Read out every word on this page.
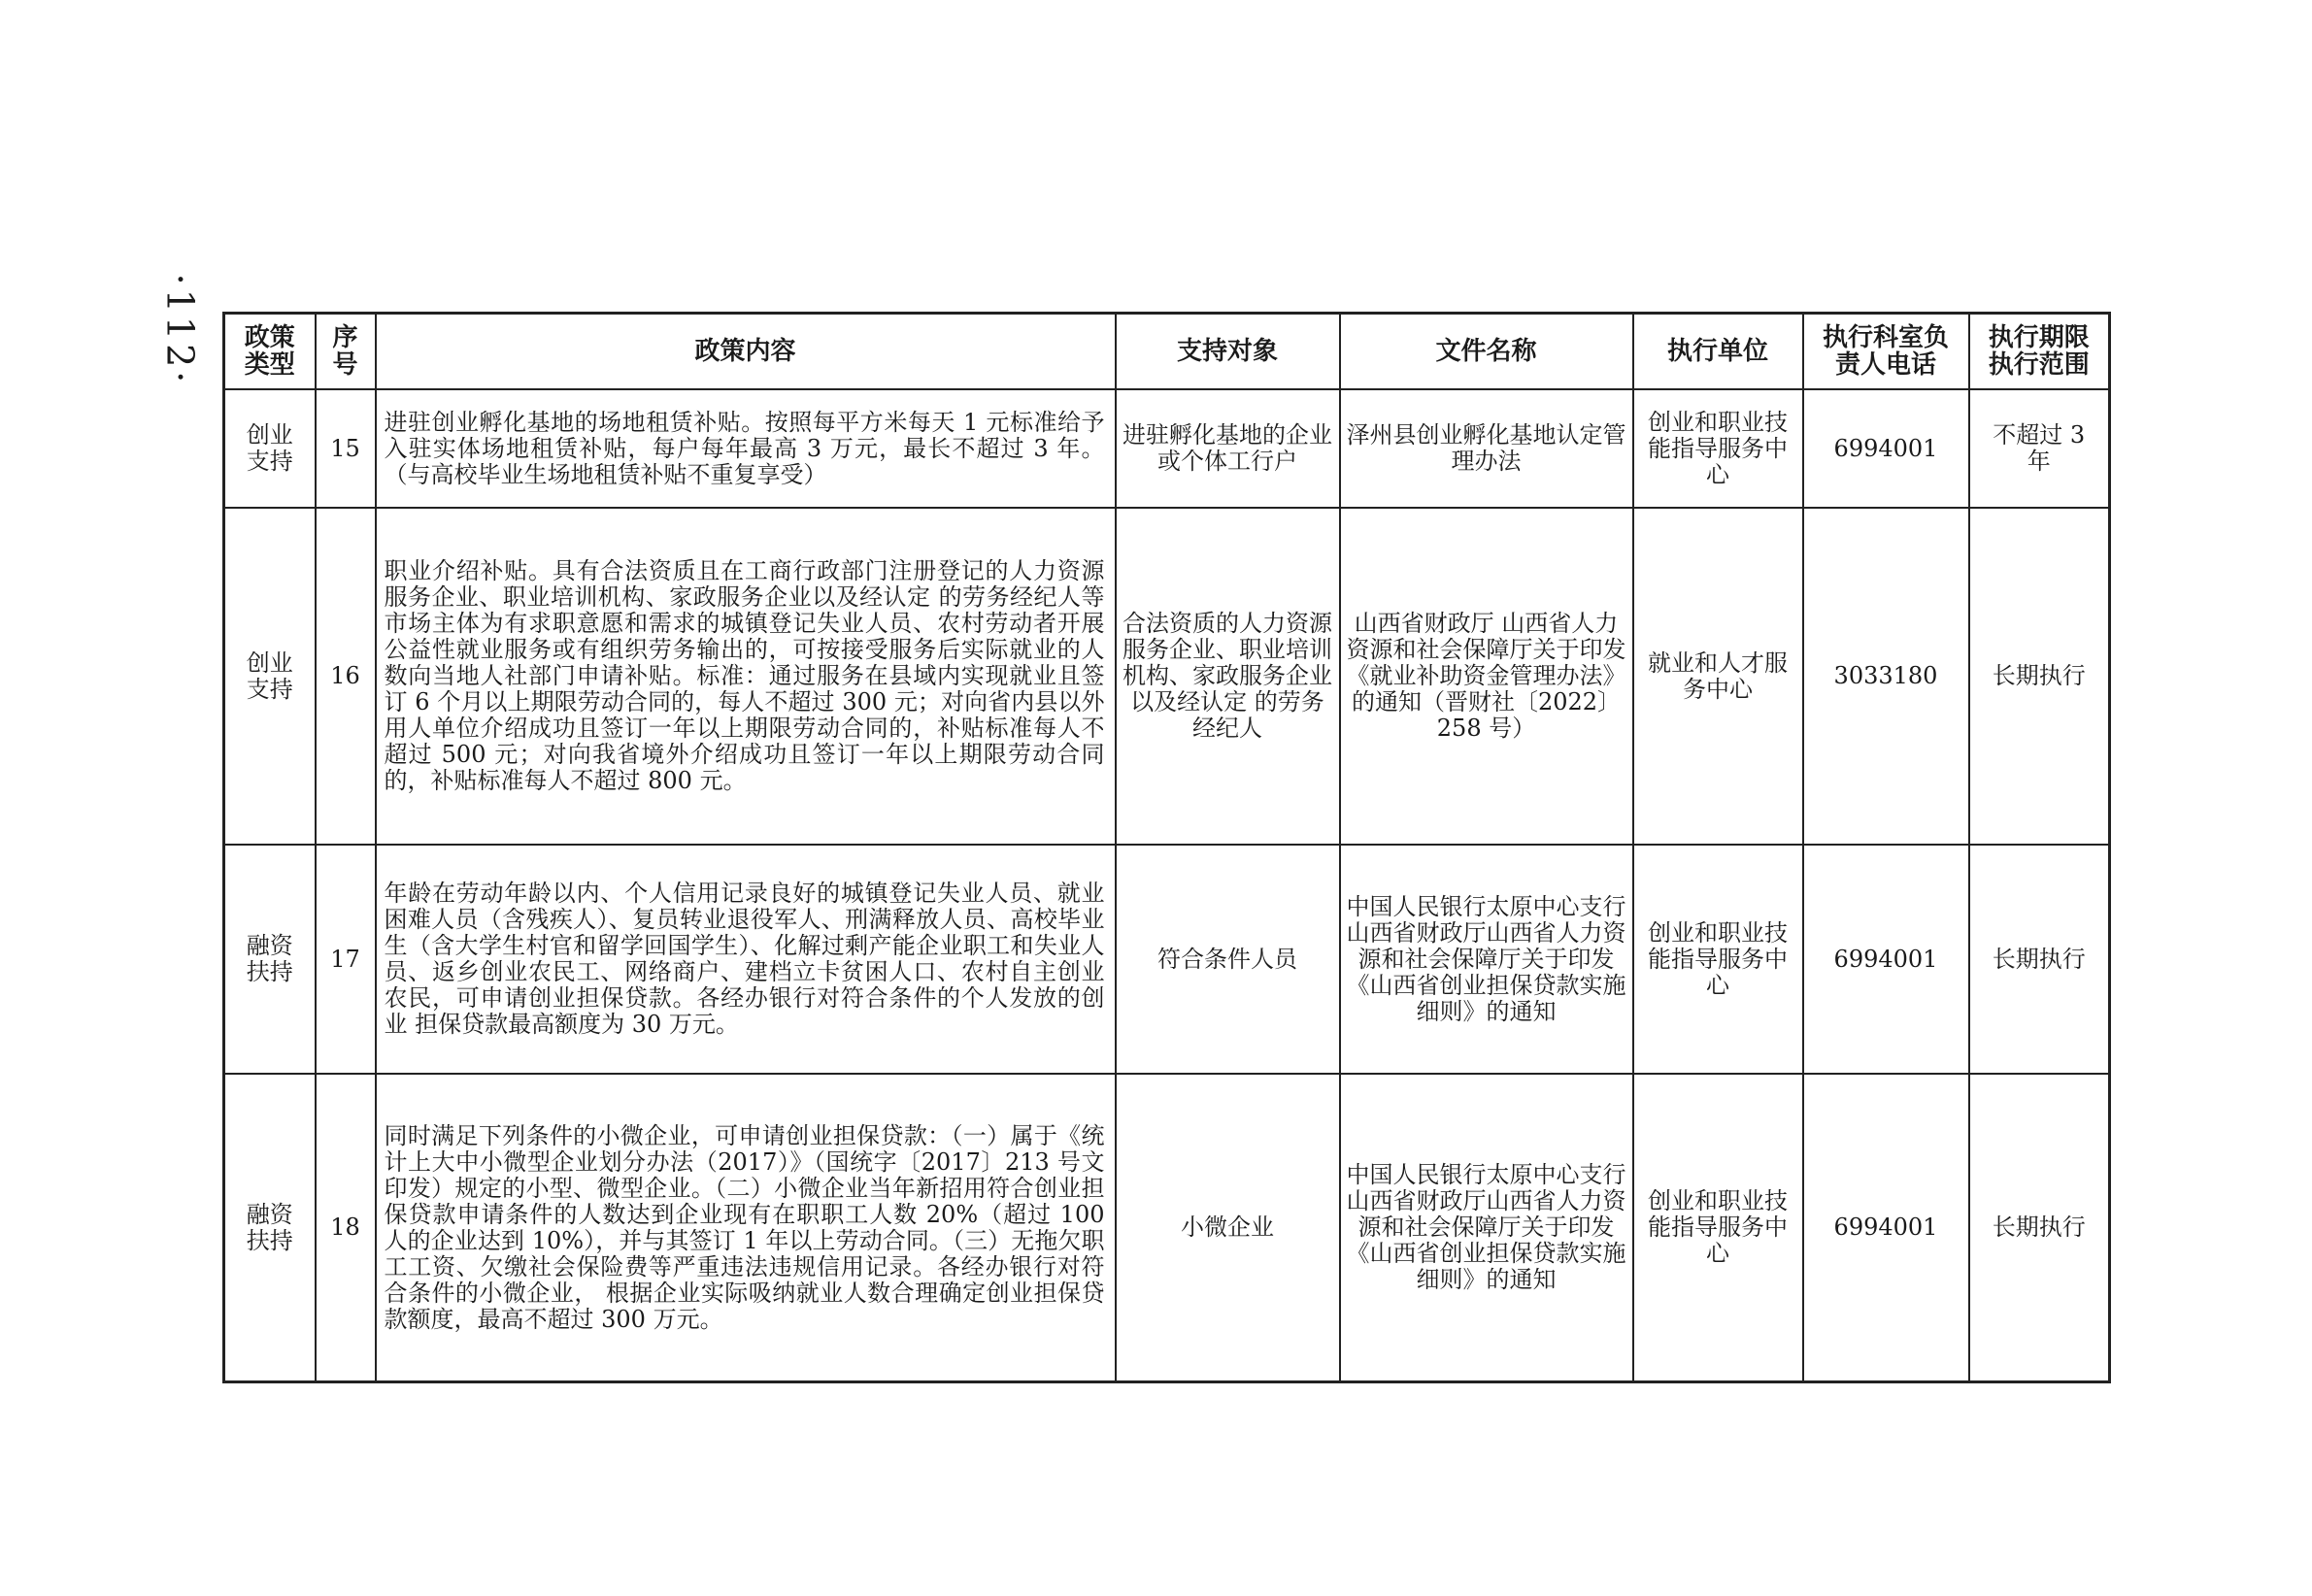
·112· 政策类型	序号	政策内容	支持对象	文件名称	执行单位	执行科室负责人电话	执行期限执行范围
创业支持	15	进驻创业孵化基地的场地租赁补贴。按照每平方米每天 1 元标准给予入驻实体场地租赁补贴，每户每年最高 3 万元，最长不超过 3 年。（与高校毕业生场地租赁补贴不重复享受）	进驻孵化基地的企业或个体工行户	泽州县创业孵化基地认定管理办法	创业和职业技能指导服务中心	6994001	不超过 3 年
创业支持	16	职业介绍补贴。具有合法资质且在工商行政部门注册登记的人力资源服务企业、职业培训机构、家政服务企业以及经认定 的劳务经纪人等市场主体为有求职意愿和需求的城镇登记失业人员、农村劳动者开展公益性就业服务或有组织劳务输出的，可按接受服务后实际就业的人数向当地人社部门申请补贴。标准：通过服务在县域内实现就业且签订 6 个月以上期限劳动合同的，每人不超过 300 元；对向省内县以外用人单位介绍成功且签订一年以上期限劳动合同的，补贴标准每人不超过 500 元；对向我省境外介绍成功且签订一年以上期限劳动合同的，补贴标准每人不超过 800 元。	合法资质的人力资源服务企业、职业培训机构、家政服务企业以及经认定 的劳务经纪人	山西省财政厅 山西省人力资源和社会保障厅关于印发《就业补助资金管理办法》的通知（晋财社〔2022〕258 号）	就业和人才服务中心	3033180	长期执行
融资扶持	17	年龄在劳动年龄以内、个人信用记录良好的城镇登记失业人员、就业困难人员（含残疾人）、复员转业退役军人、刑满释放人员、高校毕业生（含大学生村官和留学回国学生）、化解过剩产能企业职工和失业人员、返乡创业农民工、网络商户、建档立卡贫困人口、农村自主创业农民，可申请创业担保贷款。各经办银行对符合条件的个人发放的创业 担保贷款最高额度为 30 万元。	符合条件人员	中国人民银行太原中心支行山西省财政厅山西省人力资源和社会保障厅关于印发《山西省创业担保贷款实施细则》的通知	创业和职业技能指导服务中心	6994001	长期执行
融资扶持	18	同时满足下列条件的小微企业，可申请创业担保贷款：（一）属于《统计上大中小微型企业划分办法（2017）》（国统字〔2017〕213 号文印发）规定的小型、微型企业。（二）小微企业当年新招用符合创业担保贷款申请条件的人数达到企业现有在职职工人数 20%（超过 100 人的企业达到 10%），并与其签订 1 年以上劳动合同。（三）无拖欠职工工资、欠缴社会保险费等严重违法违规信用记录。各经办银行对符合条件的小微企业， 根据企业实际吸纳就业人数合理确定创业担保贷款额度，最高不超过 300 万元。	小微企业	中国人民银行太原中心支行山西省财政厅山西省人力资源和社会保障厅关于印发《山西省创业担保贷款实施细则》的通知	创业和职业技能指导服务中心	6994001	长期执行
